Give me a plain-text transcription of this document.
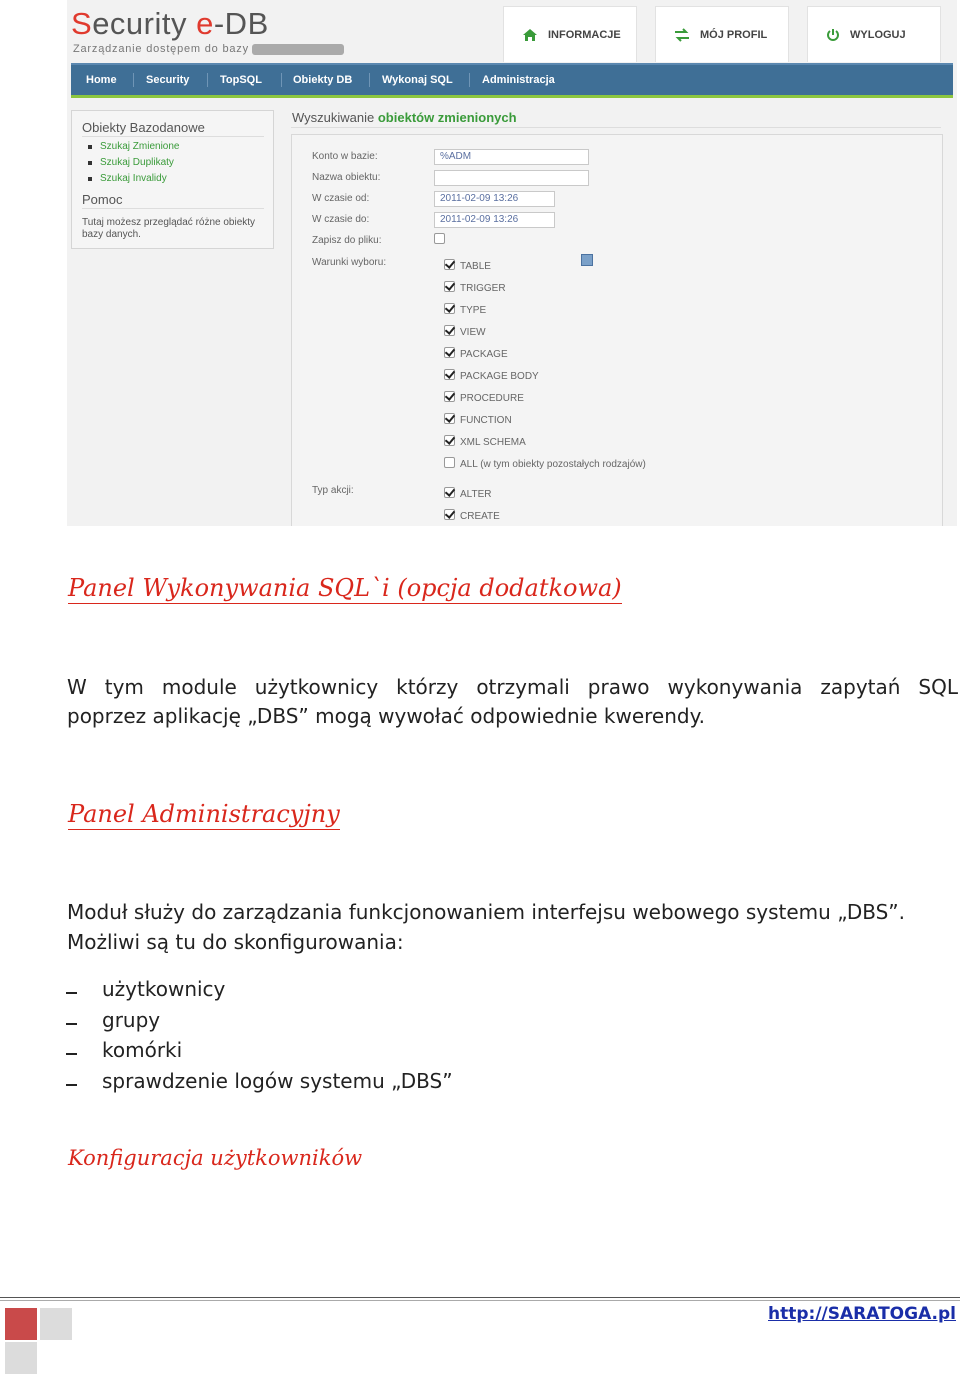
Security e-DB
Zarządzanie dostępem do bazy
INFORMACJE	MÓJ PROFIL	WYLOGUJ
Home	Security	TopSQL	Obiekty DB	Wykonaj SQL	Administracja
Obiekty Bazodanowe
Szukaj Zmienione
Szukaj Duplikaty
Szukaj Invalidy
Pomoc

Tutaj możesz przeglądać różne obiekty bazy danych.

Wyszukiwanie obiektów zmienionych
Konto w bazie:	%ADM
Nazwa obiektu:
W czasie od:	2011-02-09 13:26
W czasie do:	2011-02-09 13:26
Zapisz do pliku:
Warunki wyboru:	TABLE
TRIGGER
TYPE
VIEW
PACKAGE
PACKAGE BODY
PROCEDURE
FUNCTION
XML SCHEMA
ALL (w tym obiekty pozostałych rodzajów)
Typ akcji:	ALTER
CREATE
Panel Wykonywania SQL`i (opcja dodatkowa)
W tym module użytkownicy którzy otrzymali prawo wykonywania zapytań SQL
poprzez aplikację „DBS” mogą wywołać odpowiednie kwerendy.
Panel Administracyjny
Moduł służy do zarządzania funkcjonowaniem interfejsu webowego systemu „DBS”.
Możliwi są tu do skonfigurowania:
użytkownicy
grupy
komórki
sprawdzenie logów systemu „DBS”
Konfiguracja użytkowników
http://SARATOGA.pl
